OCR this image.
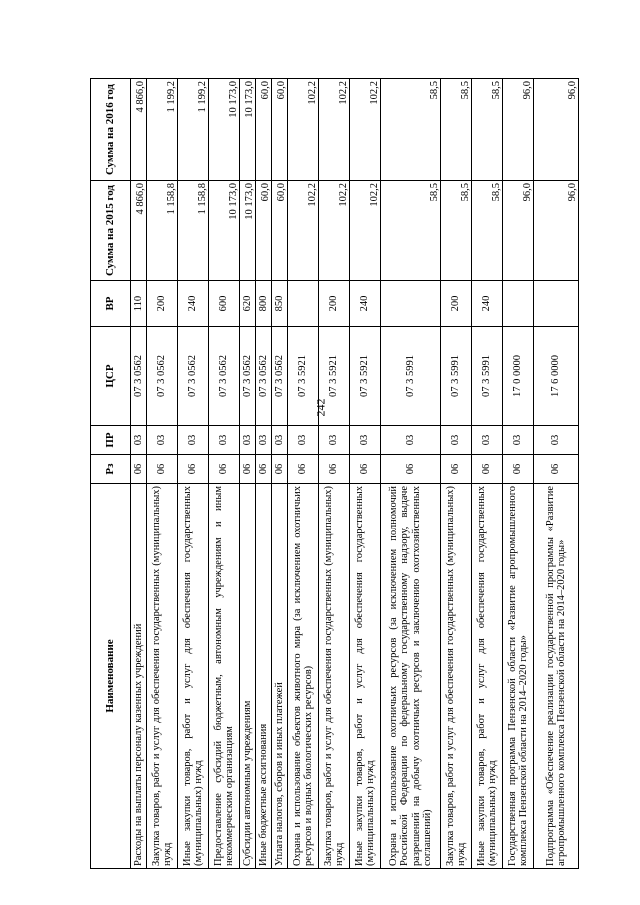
242
Наименование	Рз	ПР	ЦСР	ВР	Сумма на 2015 год	Сумма на 2016 год
Расходы на выплаты персоналу казенных учреждений	06	03	07 3 0562	110	4 866,0	4 866,0
Закупка товаров, работ и услуг для обеспечения государственных (муниципальных) нужд	06	03	07 3 0562	200	1 158,8	1 199,2
Иные закупки товаров, работ и услуг для обеспечения государственных (муниципальных) нужд	06	03	07 3 0562	240	1 158,8	1 199,2
Предоставление субсидий бюджетным, автономным учреждениям и иным некоммерческим организациям	06	03	07 3 0562	600	10 173,0	10 173,0
Субсидии автономным учреждениям	06	03	07 3 0562	620	10 173,0	10 173,0
Иные бюджетные ассигнования	06	03	07 3 0562	800	60,0	60,0
Уплата налогов, сборов и иных платежей	06	03	07 3 0562	850	60,0	60,0
Охрана и использование объектов животного мира (за исключением охотничьих ресурсов и водных биологических ресурсов)	06	03	07 3 5921		102,2	102,2
Закупка товаров, работ и услуг для обеспечения государственных (муниципальных) нужд	06	03	07 3 5921	200	102,2	102,2
Иные закупки товаров, работ и услуг для обеспечения государственных (муниципальных) нужд	06	03	07 3 5921	240	102,2	102,2
Охрана и использование охотничьих ресурсов (за исключением полномочий Российской Федерации по федеральному государственному надзору, выдаче разрешений на добычу охотничьих ресурсов и заключению охотхозяйственных соглашений)	06	03	07 3 5991		58,5	58,5
Закупка товаров, работ и услуг для обеспечения государственных (муниципальных) нужд	06	03	07 3 5991	200	58,5	58,5
Иные закупки товаров, работ и услуг для обеспечения государственных (муниципальных) нужд	06	03	07 3 5991	240	58,5	58,5
Государственная программа Пензенской области «Развитие агропромышленного комплекса Пензенской области на 2014–2020 годы»	06	03	17 0 0000		96,0	96,0
Подпрограмма «Обеспечение реализации государственной программы «Развитие агропромышленного комплекса Пензенской области на 2014–2020 годы»	06	03	17 6 0000		96,0	96,0
